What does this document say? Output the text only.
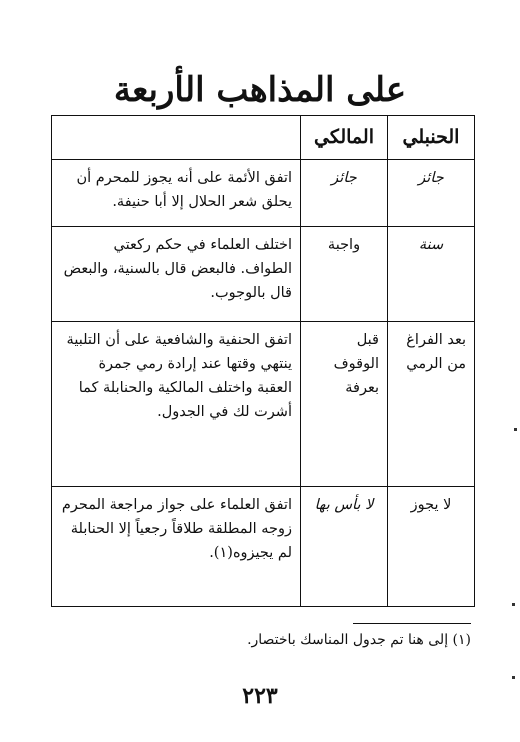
على المذاهب الأربعة
الحنبلي	المالكي	
جائز	جائز	اتفق الأئمة على أنه يجوز للمحرم أن يحلق شعر الحلال إلا أبا حنيفة.
سنة	واجبة	اختلف العلماء في حكم ركعتي الطواف. فالبعض قال بالسنية، والبعض قال بالوجوب.
بعد الفراغ من الرمي	قبل الوقوف بعرفة	اتفق الحنفية والشافعية على أن التلبية ينتهي وقتها عند إرادة رمي جمرة العقبة واختلف المالكية والحنابلة كما أشرت لك في الجدول.
لا يجوز	لا بأس بها	اتفق العلماء على جواز مراجعة المحرم زوجه المطلقة طلاقاً رجعياً إلا الحنابلة لم يجيزوه(١).
(١) إلى هنا تم جدول المناسك باختصار.
٢٢٣
